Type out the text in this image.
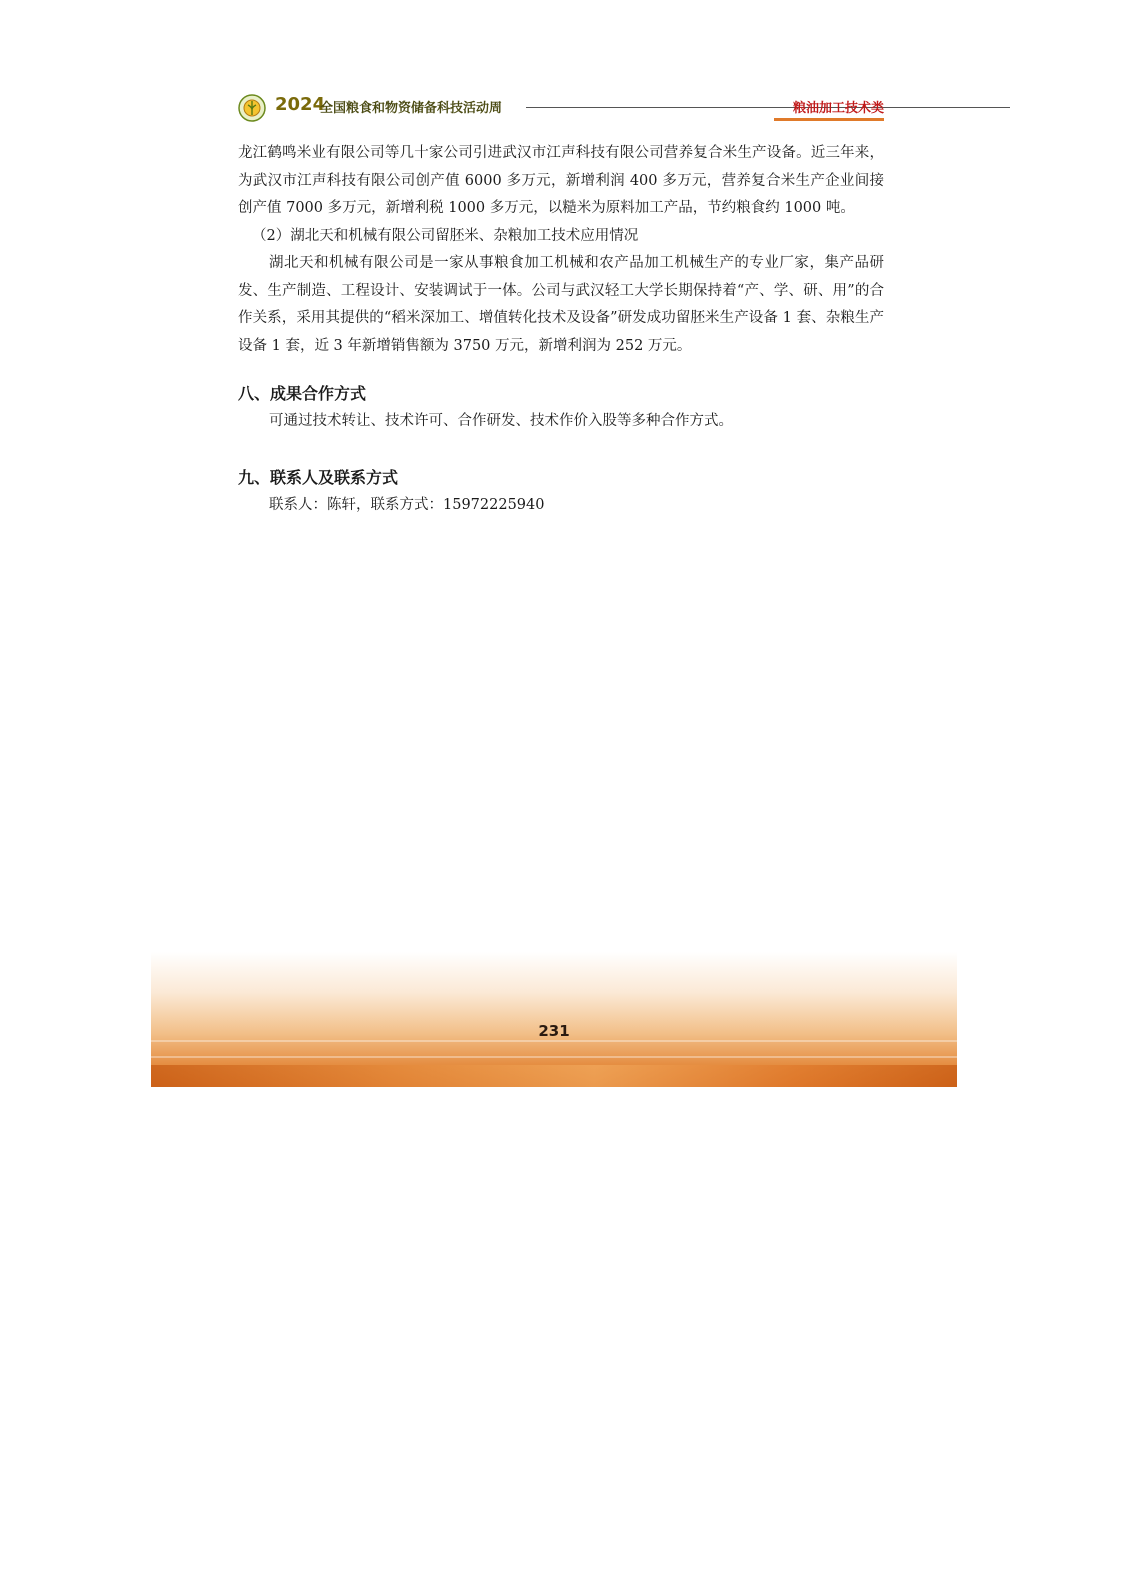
2024
全国粮食和物资储备科技活动周	粮油加工技术类

龙江鹤鸣米业有限公司等几十家公司引进武汉市江声科技有限公司营养复合米生产设备。近三年来，为武汉市江声科技有限公司创产值 6000 多万元，新增利润 400 多万元，营养复合米生产企业间接创产值 7000 多万元，新增利税 1000 多万元，以糙米为原料加工产品，节约粮食约 1000 吨。

（2）湖北天和机械有限公司留胚米、杂粮加工技术应用情况

湖北天和机械有限公司是一家从事粮食加工机械和农产品加工机械生产的专业厂家，集产品研发、生产制造、工程设计、安装调试于一体。公司与武汉轻工大学长期保持着“产、学、研、用”的合作关系，采用其提供的“稻米深加工、增值转化技术及设备”研发成功留胚米生产设备 1 套、杂粮生产设备 1 套，近 3 年新增销售额为 3750 万元，新增利润为 252 万元。

八、成果合作方式

可通过技术转让、技术许可、合作研发、技术作价入股等多种合作方式。

九、联系人及联系方式

联系人：陈轩，联系方式：15972225940

231
